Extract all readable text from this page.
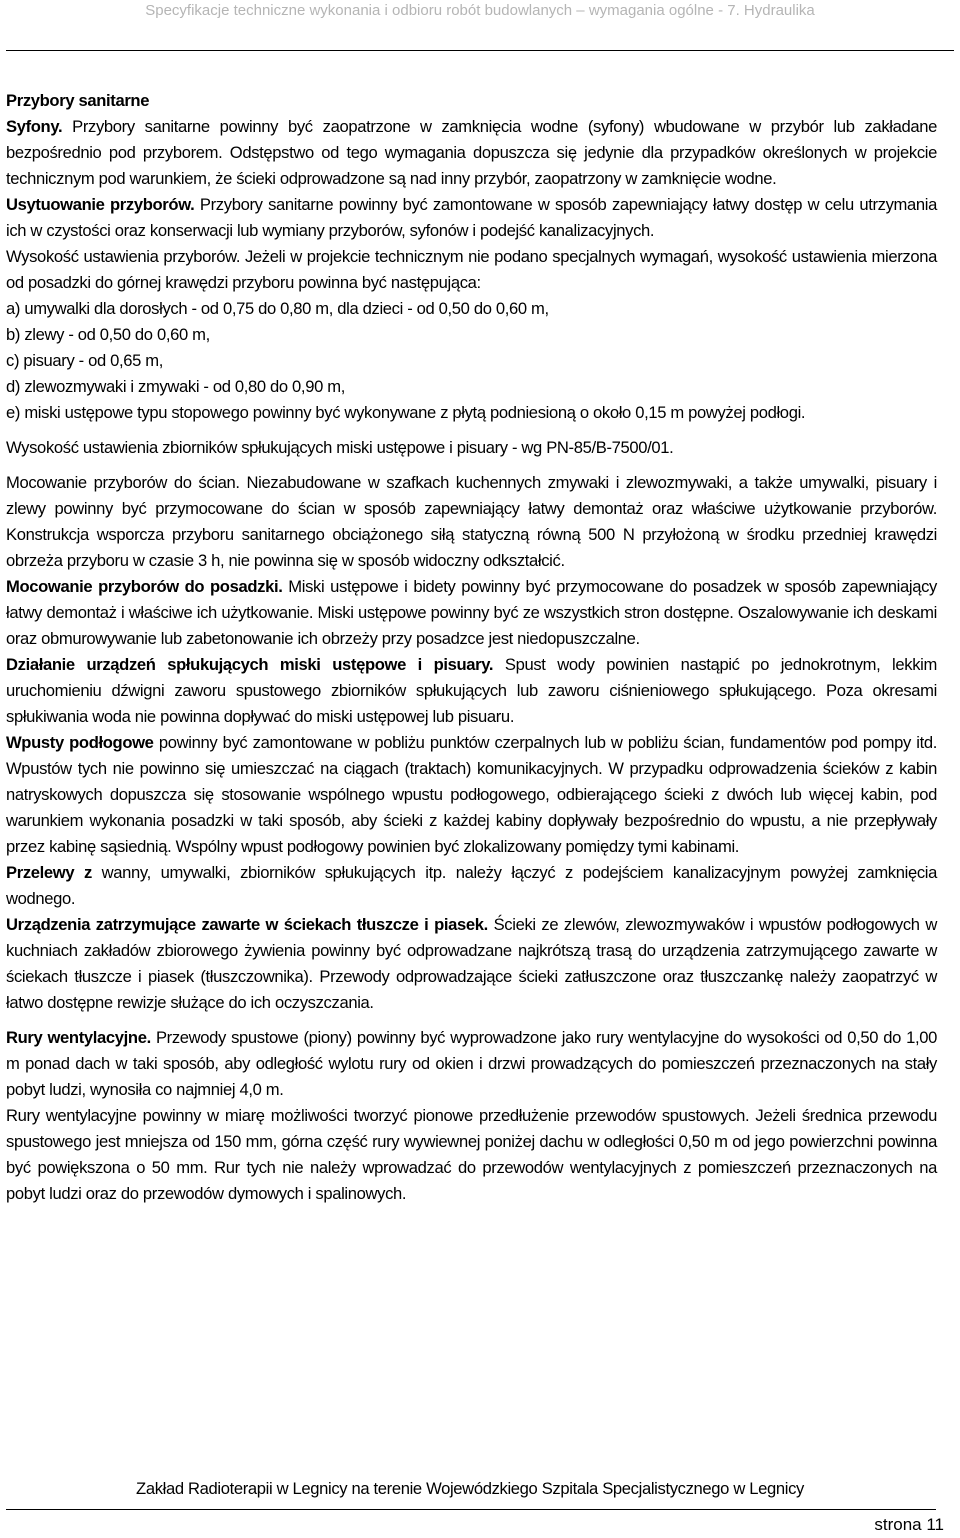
Specyfikacje techniczne wykonania i odbioru robót budowlanych – wymagania ogólne - 7. Hydraulika

Przybory sanitarne

Syfony. Przybory sanitarne powinny być zaopatrzone w zamknięcia wodne (syfony) wbudowane w przybór lub zakładane bezpośrednio pod przyborem. Odstępstwo od tego wymagania dopuszcza się jedynie dla przypadków określonych w projekcie technicznym pod warunkiem, że ścieki odprowadzone są nad inny przybór, zaopatrzony w zamknięcie wodne.

Usytuowanie przyborów. Przybory sanitarne powinny być zamontowane w sposób zapewniający łatwy dostęp w celu utrzymania ich w czystości oraz konserwacji lub wymiany przyborów, syfonów i podejść kanalizacyjnych.

Wysokość ustawienia przyborów. Jeżeli w projekcie technicznym nie podano specjalnych wymagań, wysokość ustawienia mierzona od posadzki do górnej krawędzi przyboru powinna być następująca:

a) umywalki dla dorosłych - od 0,75 do 0,80 m, dla dzieci - od 0,50 do 0,60 m,

b) zlewy - od 0,50 do 0,60 m,

c) pisuary - od 0,65 m,

d) zlewozmywaki i zmywaki - od 0,80 do 0,90 m,

e) miski ustępowe typu stopowego powinny być wykonywane z płytą podniesioną o około 0,15 m powyżej podłogi.

Wysokość ustawienia zbiorników spłukujących miski ustępowe i pisuary - wg PN-85/B-7500/01.

Mocowanie przyborów do ścian. Niezabudowane w szafkach kuchennych zmywaki i zlewozmywaki, a także umywalki, pisuary i zlewy powinny być przymocowane do ścian w sposób zapewniający łatwy demontaż oraz właściwe użytkowanie przyborów. Konstrukcja wsporcza przyboru sanitarnego obciążonego siłą statyczną równą 500 N przyłożoną w środku przedniej krawędzi obrzeża przyboru w czasie 3 h, nie powinna się w sposób widoczny odkształcić.

Mocowanie przyborów do posadzki. Miski ustępowe i bidety powinny być przymocowane do posadzek w sposób zapewniający łatwy demontaż i właściwe ich użytkowanie. Miski ustępowe powinny być ze wszystkich stron dostępne. Oszalowywanie ich deskami oraz obmurowywanie lub zabetonowanie ich obrzeży przy posadzce jest niedopuszczalne.

Działanie urządzeń spłukujących miski ustępowe i pisuary. Spust wody powinien nastąpić po jednokrotnym, lekkim uruchomieniu dźwigni zaworu spustowego zbiorników spłukujących lub zaworu ciśnieniowego spłukującego. Poza okresami spłukiwania woda nie powinna dopływać do miski ustępowej lub pisuaru.

Wpusty podłogowe powinny być zamontowane w pobliżu punktów czerpalnych lub w pobliżu ścian, fundamentów pod pompy itd. Wpustów tych nie powinno się umieszczać na ciągach (traktach) komunikacyjnych. W przypadku odprowadzenia ścieków z kabin natryskowych dopuszcza się stosowanie wspólnego wpustu podłogowego, odbierającego ścieki z dwóch lub więcej kabin, pod warunkiem wykonania posadzki w taki sposób, aby ścieki z każdej kabiny dopływały bezpośrednio do wpustu, a nie przepływały przez kabinę sąsiednią. Wspólny wpust podłogowy powinien być zlokalizowany pomiędzy tymi kabinami.

Przelewy z wanny, umywalki, zbiorników spłukujących itp. należy łączyć z podejściem kanalizacyjnym powyżej zamknięcia wodnego.

Urządzenia zatrzymujące zawarte w ściekach tłuszcze i piasek. Ścieki ze zlewów, zlewozmywaków i wpustów podłogowych w kuchniach zakładów zbiorowego żywienia powinny być odprowadzane najkrótszą trasą do urządzenia zatrzymującego zawarte w ściekach tłuszcze i piasek (tłuszczownika). Przewody odprowadzające ścieki zatłuszczone oraz tłuszczankę należy zaopatrzyć w łatwo dostępne rewizje służące do ich oczyszczania.

Rury wentylacyjne. Przewody spustowe (piony) powinny być wyprowadzone jako rury wentylacyjne do wysokości od 0,50 do 1,00 m ponad dach w taki sposób, aby odległość wylotu rury od okien i drzwi prowadzących do pomieszczeń przeznaczonych na stały pobyt ludzi, wynosiła co najmniej 4,0 m.

Rury wentylacyjne powinny w miarę możliwości tworzyć pionowe przedłużenie przewodów spustowych. Jeżeli średnica przewodu spustowego jest mniejsza od 150 mm, górna część rury wywiewnej poniżej dachu w odległości 0,50 m od jego powierzchni powinna być powiększona o 50 mm. Rur tych nie należy wprowadzać do przewodów wentylacyjnych z pomieszczeń przeznaczonych na pobyt ludzi oraz do przewodów dymowych i spalinowych.

Zakład Radioterapii w Legnicy na terenie Wojewódzkiego Szpitala Specjalistycznego w Legnicy
strona 11
